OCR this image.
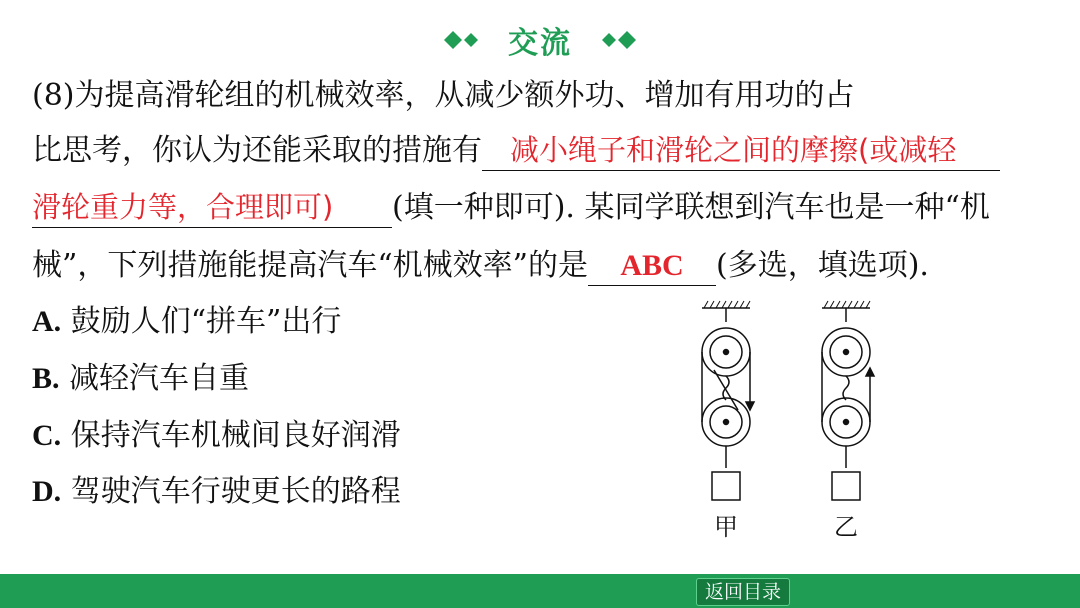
交流
(8)为提高滑轮组的机械效率，从减少额外功、增加有用功的占
比思考，你认为还能采取的措施有 减小绳子和滑轮之间的摩擦(或减轻
滑轮重力等，合理即可) (填一种即可). 某同学联想到汽车也是一种“机
械”，下列措施能提高汽车“机械效率”的是 ABC (多选，填选项).
A. 鼓励人们“拼车”出行
B. 减轻汽车自重
C. 保持汽车机械间良好润滑
D. 驾驶汽车行驶更长的路程
甲	乙
返回目录
